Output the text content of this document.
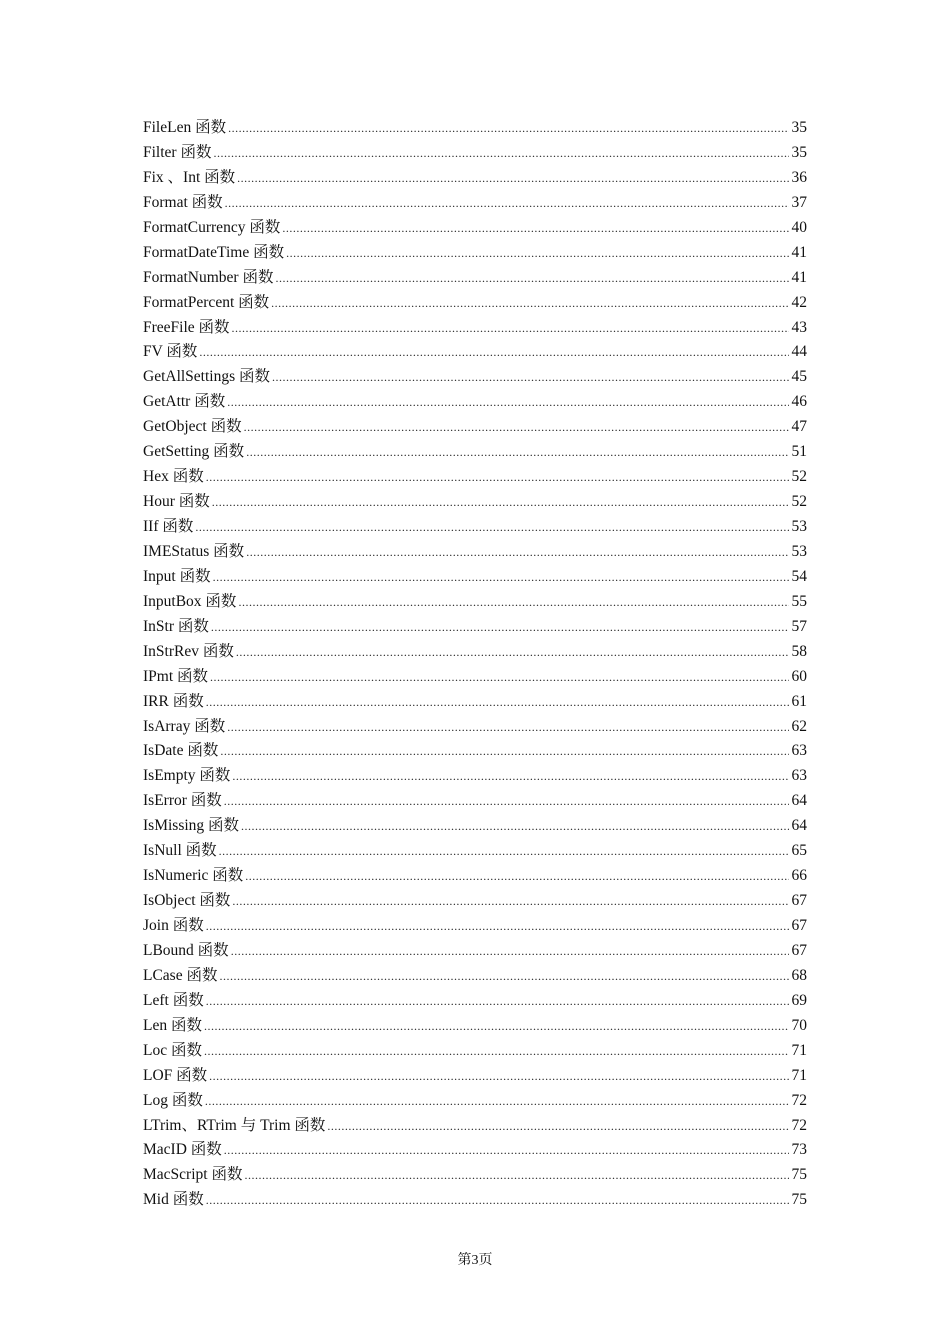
FileLen 函数 .....	35
Filter 函数 .....	35
Fix 、Int 函数 .....	36
Format 函数 .....	37
FormatCurrency 函数 .....	40
FormatDateTime 函数 .....	41
FormatNumber 函数 .....	41
FormatPercent 函数 .....	42
FreeFile 函数 .....	43
FV 函数 .....	44
GetAllSettings 函数 .....	45
GetAttr 函数 .....	46
GetObject 函数 .....	47
GetSetting 函数 .....	51
Hex 函数 .....	52
Hour 函数 .....	52
IIf 函数 .....	53
IMEStatus 函数 .....	53
Input 函数 .....	54
InputBox 函数 .....	55
InStr 函数 .....	57
InStrRev 函数 .....	58
IPmt 函数 .....	60
IRR 函数 .....	61
IsArray 函数 .....	62
IsDate 函数 .....	63
IsEmpty 函数 .....	63
IsError 函数 .....	64
IsMissing 函数 .....	64
IsNull 函数 .....	65
IsNumeric 函数 .....	66
IsObject 函数 .....	67
Join 函数 .....	67
LBound 函数 .....	67
LCase 函数 .....	68
Left 函数 .....	69
Len 函数 .....	70
Loc 函数 .....	71
LOF 函数 .....	71
Log 函数 .....	72
LTrim、RTrim 与 Trim 函数 .....	72
MacID 函数 .....	73
MacScript 函数 .....	75
Mid 函数 .....	75
第3页
